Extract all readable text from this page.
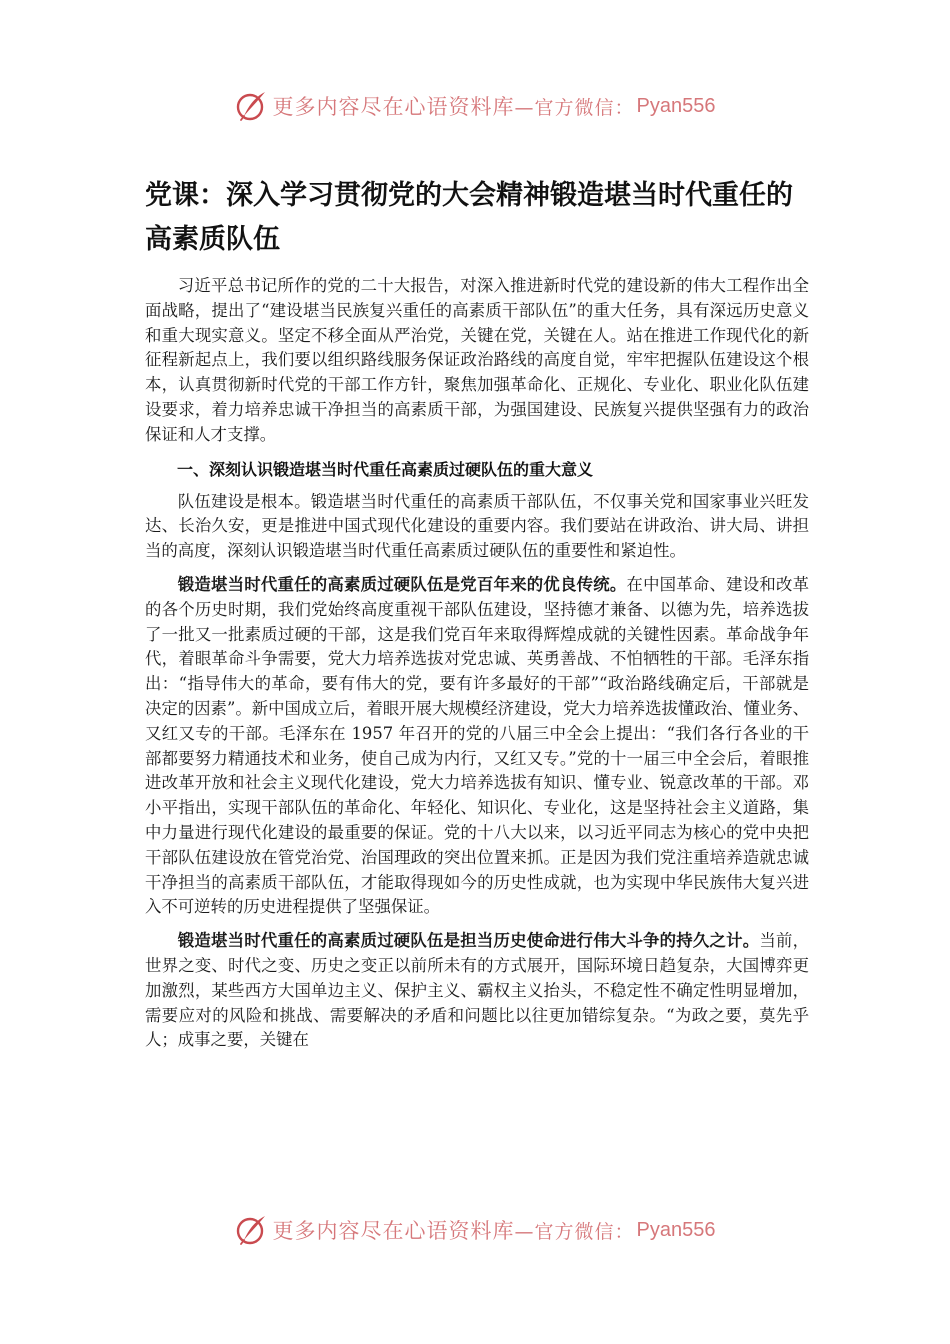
更多内容尽在心语资料库 —官方微信： Pyan556
党课：深入学习贯彻党的大会精神锻造堪当时代重任的高素质队伍

习近平总书记所作的党的二十大报告，对深入推进新时代党的建设新的伟大工程作出全面战略，提出了“建设堪当民族复兴重任的高素质干部队伍”的重大任务，具有深远历史意义和重大现实意义。坚定不移全面从严治党，关键在党，关键在人。站在推进工作现代化的新征程新起点上，我们要以组织路线服务保证政治路线的高度自觉，牢牢把握队伍建设这个根本，认真贯彻新时代党的干部工作方针，聚焦加强革命化、正规化、专业化、职业化队伍建设要求，着力培养忠诚干净担当的高素质干部，为强国建设、民族复兴提供坚强有力的政治保证和人才支撑。

一、深刻认识锻造堪当时代重任高素质过硬队伍的重大意义

队伍建设是根本。锻造堪当时代重任的高素质干部队伍，不仅事关党和国家事业兴旺发达、长治久安，更是推进中国式现代化建设的重要内容。我们要站在讲政治、讲大局、讲担当的高度，深刻认识锻造堪当时代重任高素质过硬队伍的重要性和紧迫性。

锻造堪当时代重任的高素质过硬队伍是党百年来的优良传统。在中国革命、建设和改革的各个历史时期，我们党始终高度重视干部队伍建设，坚持德才兼备、以德为先，培养选拔了一批又一批素质过硬的干部，这是我们党百年来取得辉煌成就的关键性因素。革命战争年代，着眼革命斗争需要，党大力培养选拔对党忠诚、英勇善战、不怕牺牲的干部。毛泽东指出：“指导伟大的革命，要有伟大的党，要有许多最好的干部”“政治路线确定后，干部就是决定的因素”。新中国成立后，着眼开展大规模经济建设，党大力培养选拔懂政治、懂业务、又红又专的干部。毛泽东在 1957 年召开的党的八届三中全会上提出：“我们各行各业的干部都要努力精通技术和业务，使自己成为内行，又红又专。”党的十一届三中全会后，着眼推进改革开放和社会主义现代化建设，党大力培养选拔有知识、懂专业、锐意改革的干部。邓小平指出，实现干部队伍的革命化、年轻化、知识化、专业化，这是坚持社会主义道路，集中力量进行现代化建设的最重要的保证。党的十八大以来，以习近平同志为核心的党中央把干部队伍建设放在管党治党、治国理政的突出位置来抓。正是因为我们党注重培养造就忠诚干净担当的高素质干部队伍，才能取得现如今的历史性成就，也为实现中华民族伟大复兴进入不可逆转的历史进程提供了坚强保证。

锻造堪当时代重任的高素质过硬队伍是担当历史使命进行伟大斗争的持久之计。当前，世界之变、时代之变、历史之变正以前所未有的方式展开，国际环境日趋复杂，大国博弈更加激烈，某些西方大国单边主义、保护主义、霸权主义抬头，不稳定性不确定性明显增加，需要应对的风险和挑战、需要解决的矛盾和问题比以往更加错综复杂。“为政之要，莫先乎人；成事之要，关键在

更多内容尽在心语资料库 —官方微信： Pyan556
